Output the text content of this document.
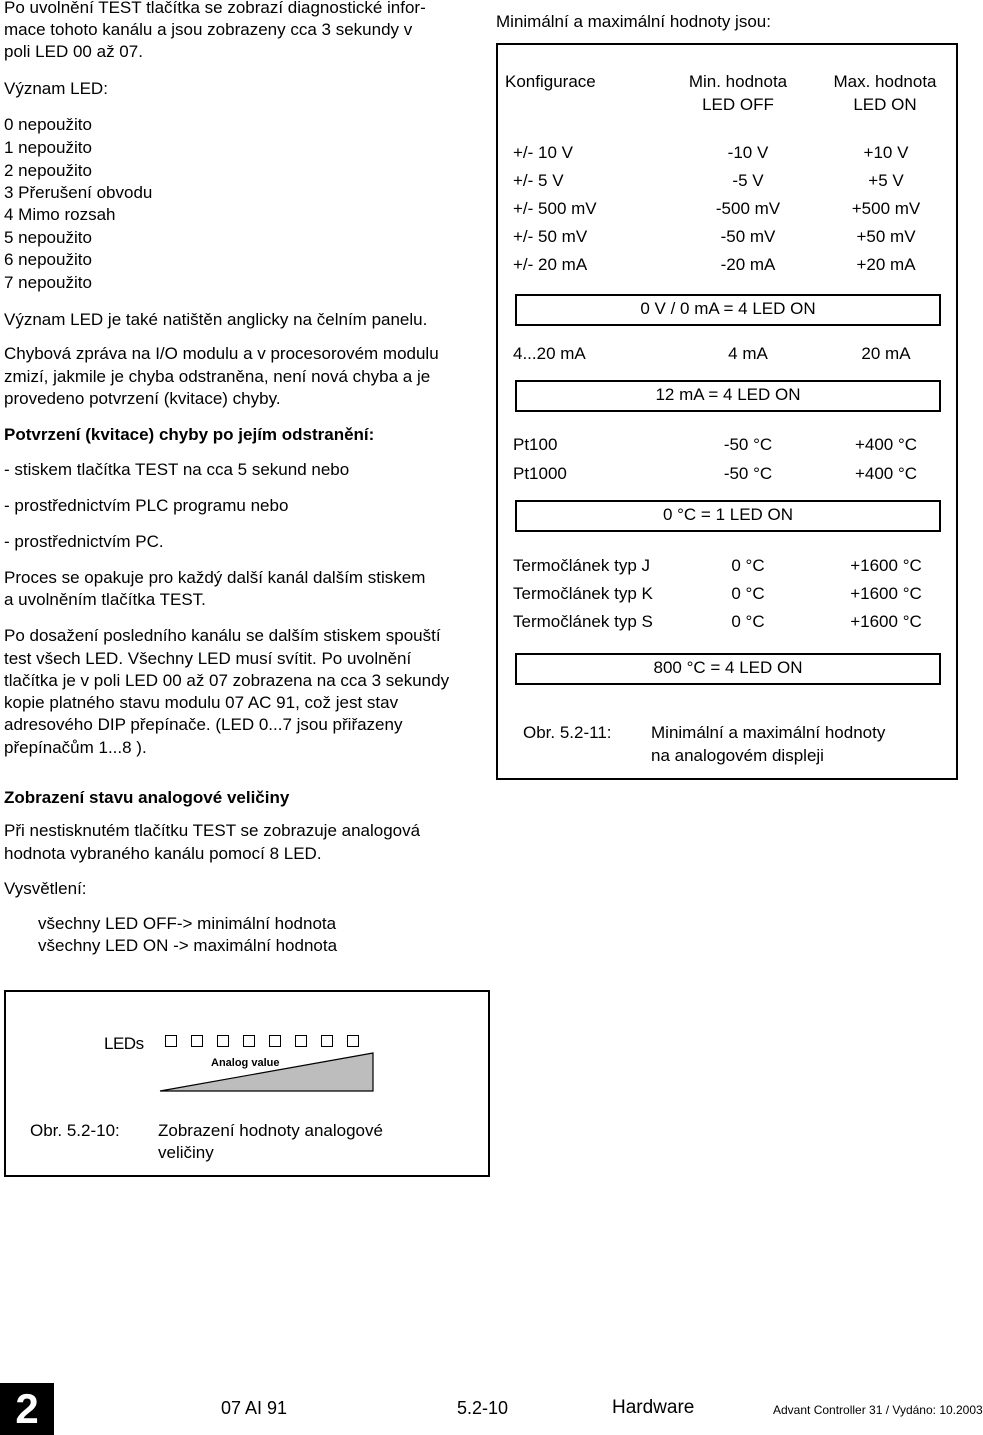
Po uvolnění TEST tlačítka se zobrazí diagnostické infor-
mace tohoto kanálu a jsou zobrazeny cca 3 sekundy v
poli LED 00 až 07.
Význam LED:
0 nepoužito
1 nepoužito
2 nepoužito
3 Přerušení obvodu
4 Mimo rozsah
5 nepoužito
6 nepoužito
7 nepoužito
Význam LED je také natištěn anglicky na čelním panelu.
Chybová zpráva na I/O modulu a v procesorovém modulu
zmizí, jakmile je chyba odstraněna, není nová chyba a je
provedeno potvrzení (kvitace) chyby.
Potvrzení (kvitace) chyby po jejím odstranění:
- stiskem tlačítka TEST na cca 5 sekund nebo
- prostřednictvím PLC programu nebo
- prostřednictvím PC.
Proces se opakuje pro každý další kanál dalším stiskem
a uvolněním tlačítka TEST.
Po dosažení posledního kanálu se dalším stiskem spouští
test všech LED. Všechny LED musí svítit. Po uvolnění
tlačítka je v poli LED 00 až 07 zobrazena na cca 3 sekundy
kopie platného stavu modulu 07 AC 91, což jest stav
adresového DIP přepínače. (LED 0...7 jsou přiřazeny
přepínačům 1...8 ).
Zobrazení stavu analogové veličiny
Při nestisknutém tlačítku TEST se zobrazuje analogová
hodnota vybraného kanálu pomocí 8 LED.
Vysvětlení:
všechny LED OFF-> minimální hodnota
všechny LED ON -> maximální hodnota
LEDs
Analog value
Obr. 5.2-10: Zobrazení hodnoty analogové
veličiny
Minimální a maximální hodnoty jsou:
Konfigurace	Min. hodnota
LED OFF
Max. hodnota
LED ON
+/- 10 V	-10 V	+10 V
+/- 5 V	-5 V	+5 V
+/- 500 mV	-500 mV	+500 mV
+/- 50 mV	-50 mV	+50 mV
+/- 20 mA	-20 mA	+20 mA
0 V / 0 mA = 4 LED ON
4...20 mA	4 mA	20 mA
12 mA = 4 LED ON
Pt100	-50 °C	+400 °C
Pt1000	-50 °C	+400 °C
0 °C = 1 LED ON
Termočlánek typ J	0 °C	+1600 °C
Termočlánek typ K	0 °C	+1600 °C
Termočlánek typ S	0 °C	+1600 °C
800 °C = 4 LED ON
Obr. 5.2-11: Minimální a maximální hodnoty
na analogovém displeji
2	07 AI 91	5.2-10	Hardware	Advant Controller 31 / Vydáno: 10.2003
